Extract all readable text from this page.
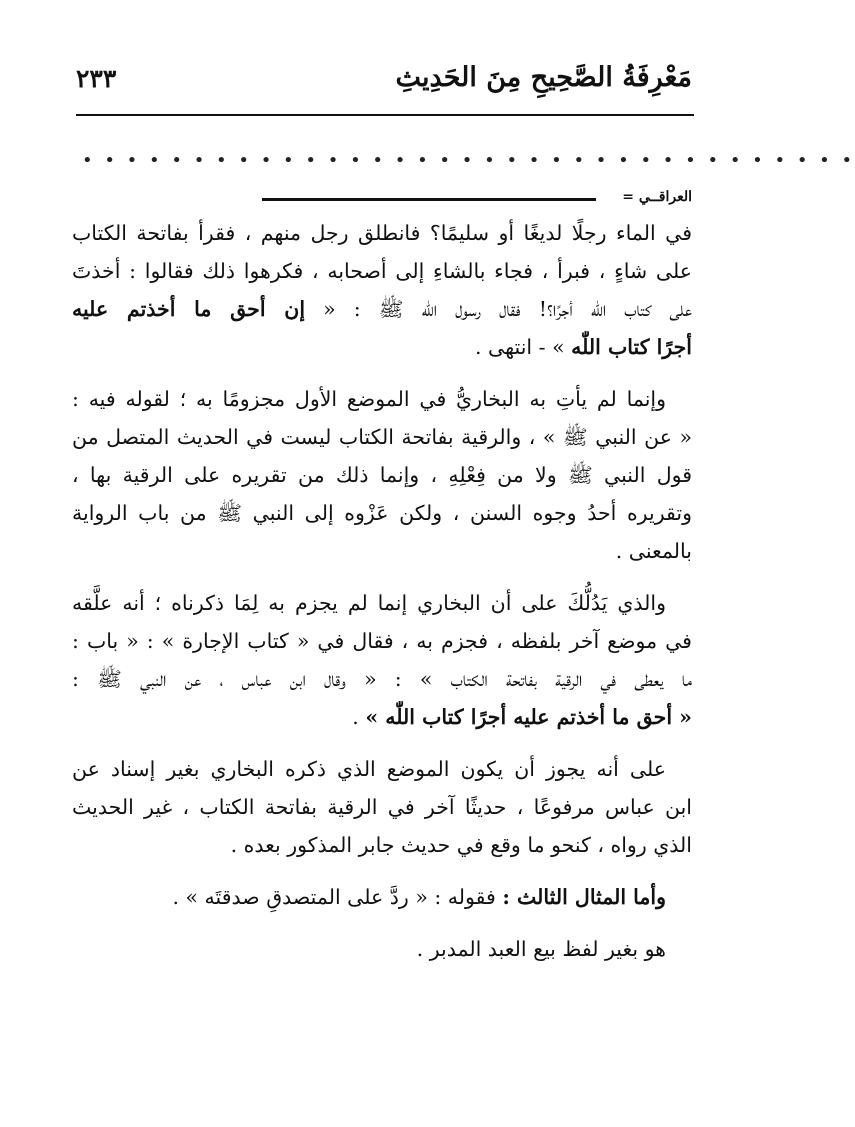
مَعْرِفَةُ الصَّحِيحِ مِنَ الحَدِيثِ
٢٣٣
• • • • • • • • • • • • • • • • • • • • • • • • • • • • • • • • • • •
العراقــي =
في الماء رجلًا لديغًا أو سليمًا؟ فانطلق رجل منهم ، فقرأ بفاتحة الكتاب
على شاءٍ ، فبرأ ، فجاء بالشاءِ إلى أصحابه ، فكرهوا ذلك فقالوا : أخذتَ
على كتاب اللّٰه أجرًا؟! فقال رسول اللّٰه ﷺ : « إن أحق ما أخذتم عليه
أجرًا كتاب اللّٰه » - انتهى .
وإنما لم يأتِ به البخاريُّ في الموضع الأول مجزومًا به ؛ لقوله فيه :
« عن النبي ﷺ » ، والرقية بفاتحة الكتاب ليست في الحديث المتصل من
قول النبي ﷺ ولا من فِعْلِهِ ، وإنما ذلك من تقريره على الرقية بها ،
وتقريره أحدُ وجوه السنن ، ولكن عَزْوه إلى النبي ﷺ من باب الرواية
بالمعنى .
والذي يَدُلُّكَ على أن البخاري إنما لم يجزم به لِمَا ذكرناه ؛ أنه علَّقه
في موضع آخر بلفظه ، فجزم به ، فقال في « كتاب الإجارة » : « باب :
ما يعطى في الرقية بفاتحة الكتاب » : « وقال ابن عباس ، عن النبي ﷺ :
« أحق ما أخذتم عليه أجرًا كتاب اللّٰه » .
على أنه يجوز أن يكون الموضع الذي ذكره البخاري بغير إسناد عن
ابن عباس مرفوعًا ، حديثًا آخر في الرقية بفاتحة الكتاب ، غير الحديث
الذي رواه ، كنحو ما وقع في حديث جابر المذكور بعده .
وأما المثال الثالث : فقوله : « ردَّ على المتصدقِ صدقتَه » .
هو بغير لفظ بيع العبد المدبر .
